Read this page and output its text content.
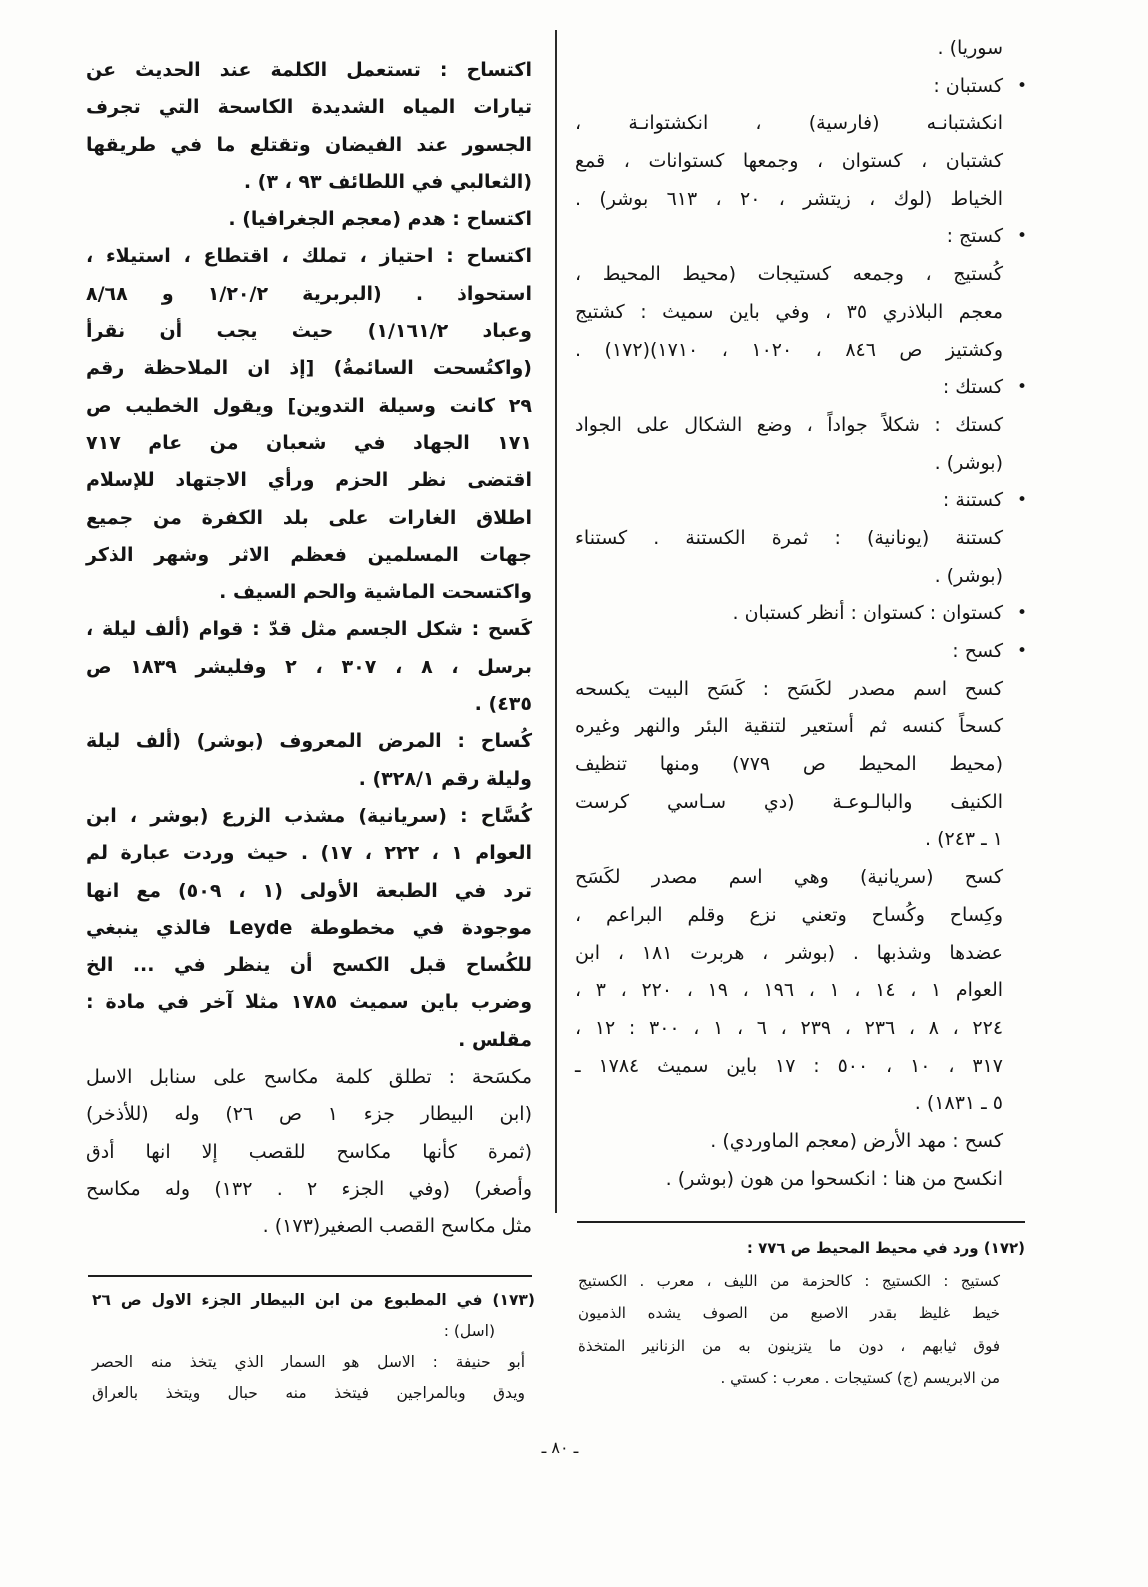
سوريا) .
•
كستبان :
انكشتبانـه (فارسية) ، انكشتوانـة ،
كشتبان ، كستوان ، وجمعها كستوانات ، قمع
الخياط (لوك ، زيتشر ، ٢٠ ، ٦١٣ بوشر) .
•
كستج :
كُستيج ، وجمعه كستيجات (محيط المحيط ،
معجم البلاذري ٣٥ ، وفي باين سميث : كشتيج
وكشتيز ص ٨٤٦ ، ١٠٢٠ ، ١٧١٠)(١٧٢) .
•
كستك :
كستك : شكلاً جواداً ، وضع الشكال على الجواد
(بوشر) .
•
كستنة :
كستنة (يونانية) : ثمرة الكستنة . كستناء
(بوشر) .
•
كستوان : كستوان : أنظر كستبان .
•
كسح :
كسح اسم مصدر لكَسَح : كَسَح البيت يكسحه
كسحاً كنسه ثم أستعير لتنقية البئر والنهر وغيره
(محيط المحيط ص ٧٧٩) ومنها تنظيف
الكنيف والبالـوعـة (دي سـاسي كرست
١ ـ ٢٤٣) .
كسح (سريانية) وهي اسم مصدر لكَسَح
وكِساح وكُساح وتعني نزع وقلم البراعم ،
عضدها وشذبها . (بوشر ، هربرت ١٨١ ، ابن
العوام ١ ، ١٤ ، ١ ، ١٩٦ ، ١٩ ، ٢٢٠ ، ٣ ،
٢٢٤ ، ٨ ، ٢٣٦ ، ٢٣٩ ، ٦ ، ١ ، ٣٠٠ : ١٢ ،
٣١٧ ، ١٠ ، ٥٠٠ : ١٧ باين سميث ١٧٨٤ ـ
٥ ـ ١٨٣١) .
كسح : مهد الأرض (معجم الماوردي) .
انكسح من هنا : انكسحوا من هون (بوشر) .
اكتساح : تستعمل الكلمة عند الحديث عن
تيارات المياه الشديدة الكاسحة التي تجرف
الجسور عند الفيضان وتقتلع ما في طريقها
(الثعالبي في اللطائف ٩٣ ، ٣) .
اكتساح : هدم (معجم الجغرافيا) .
اكتساح : احتياز ، تملك ، اقتطاع ، استيلاء ،
استحواذ . (البربرية ١/٢٠/٢ و ٨/٦٨
وعباد ١/١٦١/٢) حيث يجب أن نقرأ
(واكتُسحت السائمةُ) [إذ ان الملاحظة رقم
٢٩ كانت وسيلة التدوين] ويقول الخطيب ص
١٧١ الجهاد في شعبان من عام ٧١٧
اقتضى نظر الحزم ورأي الاجتهاد للإسلام
اطلاق الغارات على بلد الكفرة من جميع
جهات المسلمين فعظم الاثر وشهر الذكر
واكتسحت الماشية والحم السيف .
كَسح : شكل الجسم مثل قدّ : قوام (ألف ليلة ،
برسل ، ٨ ، ٣٠٧ ، ٢ وفليشر ١٨٣٩ ص
٤٣٥) .
كُساح : المرض المعروف (بوشر) (ألف ليلة
وليلة رقم ٣٢٨/١) .
كُسَّاح : (سريانية) مشذب الزرع (بوشر ، ابن
العوام ١ ، ٢٢٢ ، ١٧) . حيث وردت عبارة لم
ترد في الطبعة الأولى (١ ، ٥٠٩) مع انها
موجودة في مخطوطة Leyde فالذي ينبغي
للكُساح قبل الكسح أن ينظر في ... الخ
وضرب باين سميث ١٧٨٥ مثلا آخر في مادة :
مقلس .
مكسَحة : تطلق كلمة مكاسح على سنابل الاسل
(ابن البيطار جزء ١ ص ٢٦) وله (للأذخر)
(ثمرة كأنها مكاسح للقصب إلا انها أدق
وأصغر) (وفي الجزء ٢ . ١٣٢) وله مكاسح
مثل مكاسح القصب الصغير(١٧٣) .
(١٧٢) ورد في محيط المحيط ص ٧٧٦ :
كستيج : الكستيج : كالحزمة من الليف ، معرب . الكستيج
خيط غليظ بقدر الاصبع من الصوف يشده الذميون
فوق ثيابهم ، دون ما يتزينون به من الزنانير المتخذة
من الابريسم (ج) كستيجات . معرب : كستي .
(١٧٣) في المطبوع من ابن البيطار الجزء الاول ص ٢٦
(اسل) :
أبو حنيفة : الاسل هو السمار الذي يتخذ منه الحصر
ويدق وبالمراجين فيتخذ منه حبال ويتخذ بالعراق
ـ ٨٠ ـ
